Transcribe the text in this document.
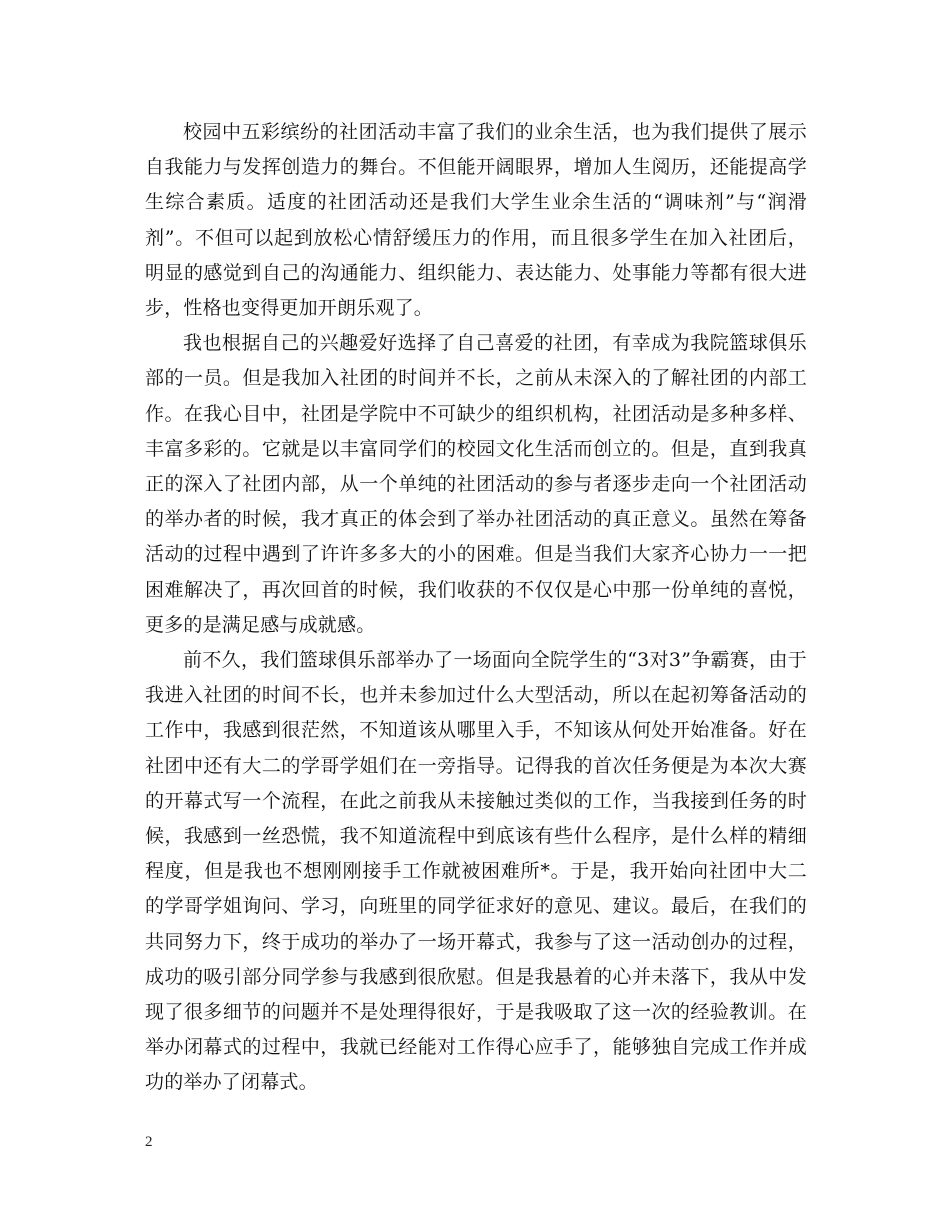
校园中五彩缤纷的社团活动丰富了我们的业余生活，也为我们提供了展示自我能力与发挥创造力的舞台。不但能开阔眼界，增加人生阅历，还能提高学生综合素质。适度的社团活动还是我们大学生业余生活的“调味剂”与“润滑剂”。不但可以起到放松心情舒缓压力的作用，而且很多学生在加入社团后，明显的感觉到自己的沟通能力、组织能力、表达能力、处事能力等都有很大进步，性格也变得更加开朗乐观了。

我也根据自己的兴趣爱好选择了自己喜爱的社团，有幸成为我院篮球俱乐部的一员。但是我加入社团的时间并不长，之前从未深入的了解社团的内部工作。在我心目中，社团是学院中不可缺少的组织机构，社团活动是多种多样、丰富多彩的。它就是以丰富同学们的校园文化生活而创立的。但是，直到我真正的深入了社团内部，从一个单纯的社团活动的参与者逐步走向一个社团活动的举办者的时候，我才真正的体会到了举办社团活动的真正意义。虽然在筹备活动的过程中遇到了许许多多大的小的困难。但是当我们大家齐心协力一一把困难解决了，再次回首的时候，我们收获的不仅仅是心中那一份单纯的喜悦，更多的是满足感与成就感。

前不久，我们篮球俱乐部举办了一场面向全院学生的“3对3”争霸赛，由于我进入社团的时间不长，也并未参加过什么大型活动，所以在起初筹备活动的工作中，我感到很茫然，不知道该从哪里入手，不知该从何处开始准备。好在社团中还有大二的学哥学姐们在一旁指导。记得我的首次任务便是为本次大赛的开幕式写一个流程，在此之前我从未接触过类似的工作，当我接到任务的时候，我感到一丝恐慌，我不知道流程中到底该有些什么程序，是什么样的精细程度，但是我也不想刚刚接手工作就被困难所*。于是，我开始向社团中大二的学哥学姐询问、学习，向班里的同学征求好的意见、建议。最后，在我们的共同努力下，终于成功的举办了一场开幕式，我参与了这一活动创办的过程，成功的吸引部分同学参与我感到很欣慰。但是我悬着的心并未落下，我从中发现了很多细节的问题并不是处理得很好，于是我吸取了这一次的经验教训。在举办闭幕式的过程中，我就已经能对工作得心应手了，能够独自完成工作并成功的举办了闭幕式。

2
